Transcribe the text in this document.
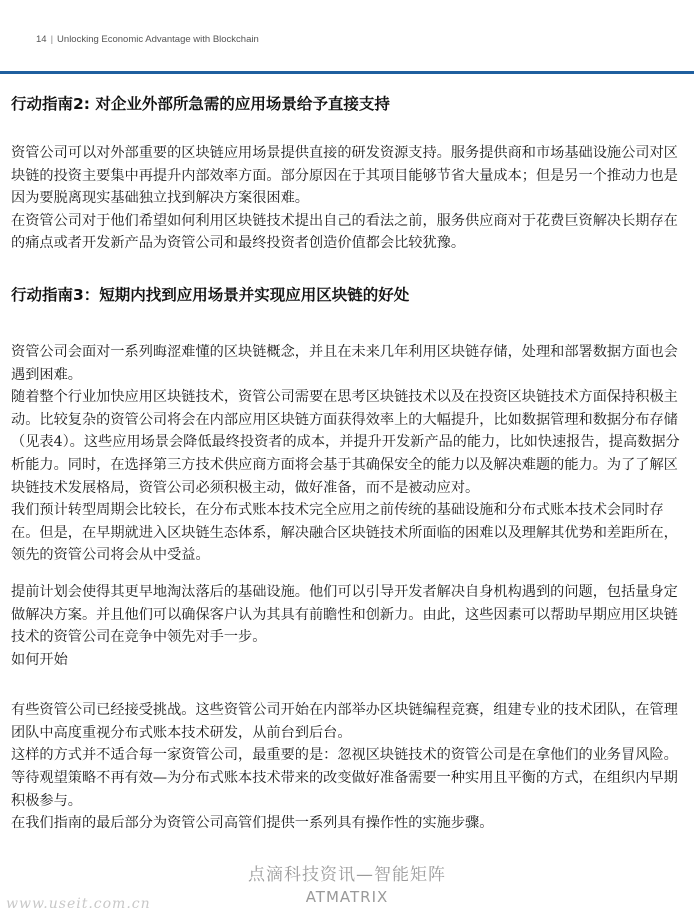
14 | Unlocking Economic Advantage with Blockchain
行动指南2: 对企业外部所急需的应用场景给予直接支持

资管公司可以对外部重要的区块链应用场景提供直接的研发资源支持。服务提供商和市场基础设施公司对区块链的投资主要集中再提升内部效率方面。部分原因在于其项目能够节省大量成本；但是另一个推动力也是因为要脱离现实基础独立找到解决方案很困难。

在资管公司对于他们希望如何利用区块链技术提出自己的看法之前，服务供应商对于花费巨资解决长期存在的痛点或者开发新产品为资管公司和最终投资者创造价值都会比较犹豫。

行动指南3：短期内找到应用场景并实现应用区块链的好处

资管公司会面对一系列晦涩难懂的区块链概念，并且在未来几年利用区块链存储，处理和部署数据方面也会遇到困难。

随着整个行业加快应用区块链技术，资管公司需要在思考区块链技术以及在投资区块链技术方面保持积极主动。比较复杂的资管公司将会在内部应用区块链方面获得效率上的大幅提升，比如数据管理和数据分布存储（见表4）。这些应用场景会降低最终投资者的成本，并提升开发新产品的能力，比如快速报告，提高数据分析能力。同时，在选择第三方技术供应商方面将会基于其确保安全的能力以及解决难题的能力。为了了解区块链技术发展格局，资管公司必须积极主动，做好准备，而不是被动应对。

我们预计转型周期会比较长，在分布式账本技术完全应用之前传统的基础设施和分布式账本技术会同时存在。但是，在早期就进入区块链生态体系，解决融合区块链技术所面临的困难以及理解其优势和差距所在，领先的资管公司将会从中受益。

提前计划会使得其更早地淘汰落后的基础设施。他们可以引导开发者解决自身机构遇到的问题，包括量身定做解决方案。并且他们可以确保客户认为其具有前瞻性和创新力。由此，这些因素可以帮助早期应用区块链技术的资管公司在竞争中领先对手一步。

如何开始

有些资管公司已经接受挑战。这些资管公司开始在内部举办区块链编程竞赛，组建专业的技术团队，在管理团队中高度重视分布式账本技术研发，从前台到后台。

这样的方式并不适合每一家资管公司，最重要的是：忽视区块链技术的资管公司是在拿他们的业务冒风险。等待观望策略不再有效—为分布式账本技术带来的改变做好准备需要一种实用且平衡的方式，在组织内早期积极参与。

在我们指南的最后部分为资管公司高管们提供一系列具有操作性的实施步骤。

点滴科技资讯—智能矩阵
ATMATRIX
www.useit.com.cn
